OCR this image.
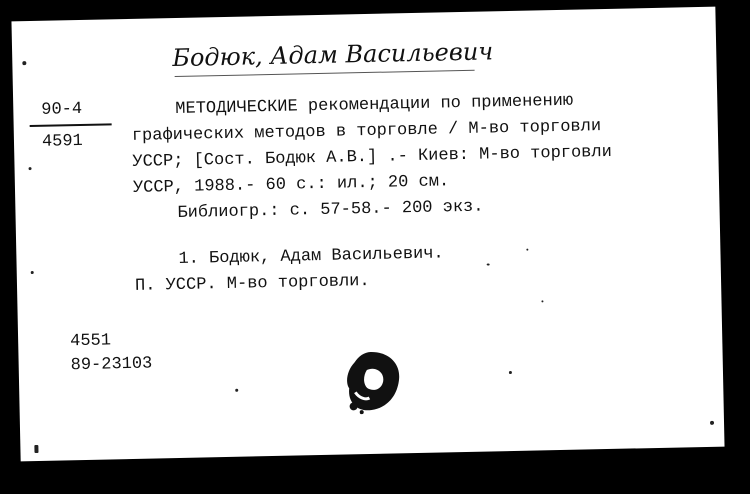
Бодюк, Адам Васильевич
90-4
4591
МЕТОДИЧЕСКИЕ рекомендации по применению
графических методов в торговле / М-во торговли
УССР; [Сост. Бодюк А.В.] .- Киев: М-во торговли
УССР, 1988.- 60 с.: ил.; 20 см.
Библиогр.: с. 57-58.- 200 экз.
1. Бодюк, Адам Васильевич.
П. УССР. М-во торговли.
4551
89-23103
